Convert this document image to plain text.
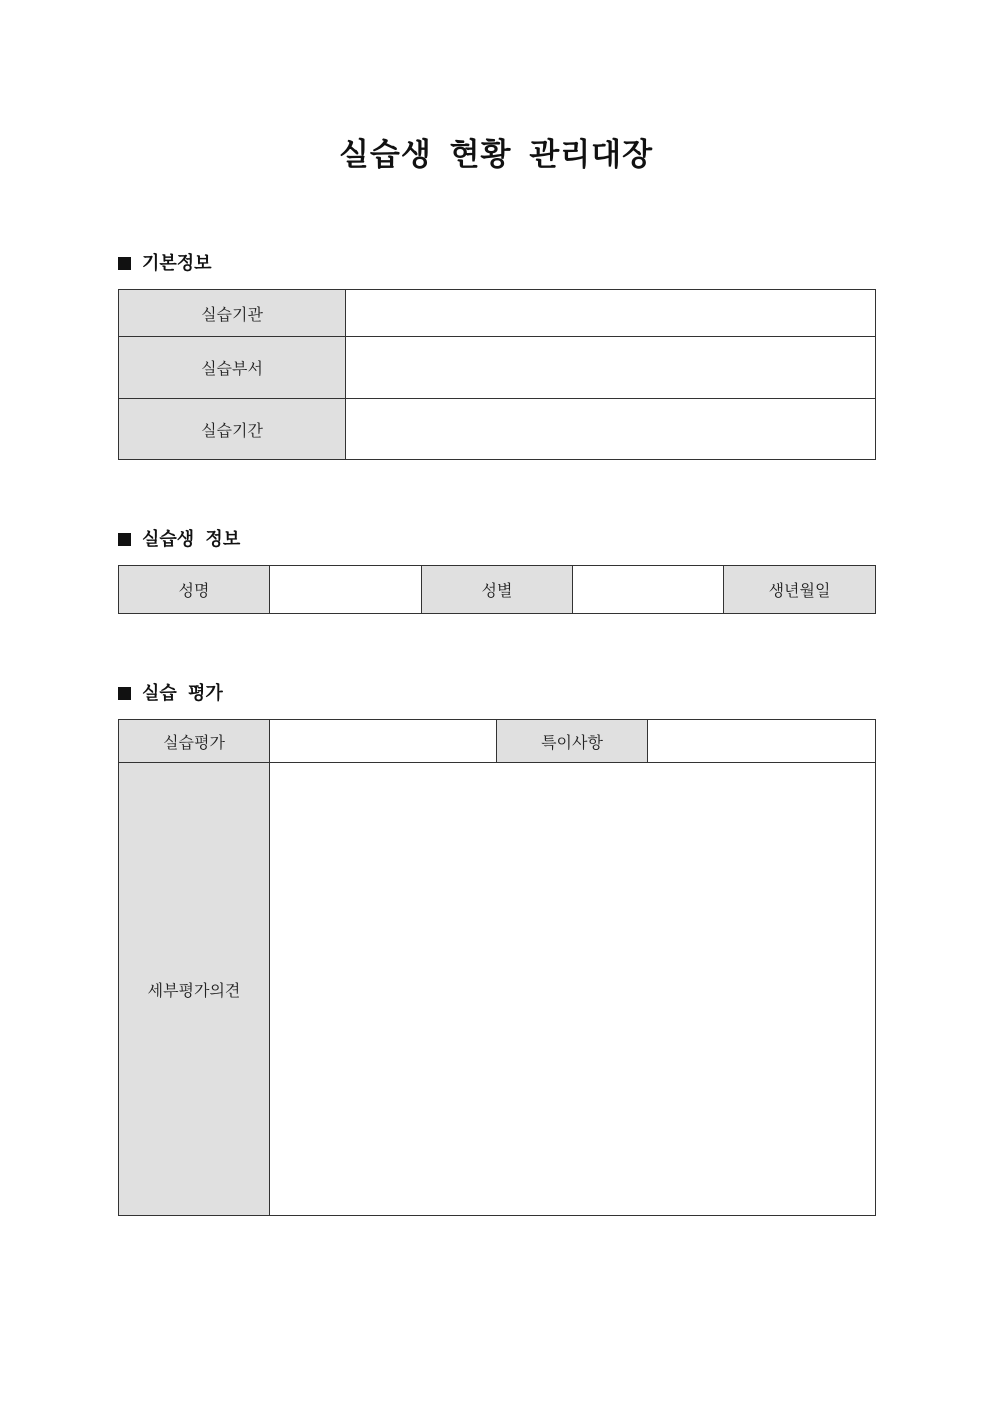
실습생 현황 관리대장
기본정보
실습기관	
실습부서	
실습기간	
실습생 정보
성명		성별		생년월일
실습 평가
실습평가		특이사항	
세부평가의견			
